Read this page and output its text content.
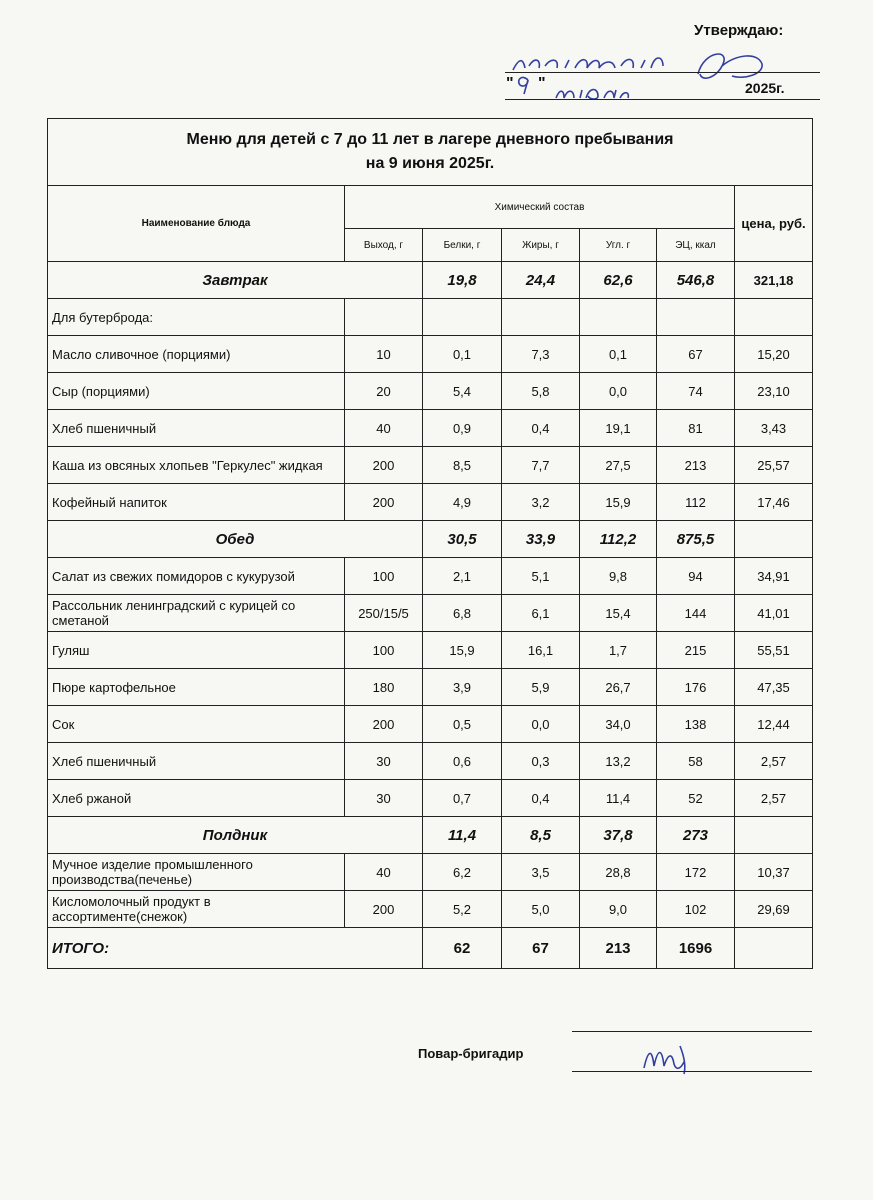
Утверждаю:
" "	2025г.
Меню для детей с 7 до 11 лет в лагере дневного пребывания
на 9 июня 2025г.						

Наименование блюда	Химический состав					цена, руб.
	Выход, г	Белки, г	Жиры, г	Угл. г	ЭЦ, ккал	
Завтрак		19,8	24,4	62,6	546,8	321,18
Для бутерброда:						
Масло сливочное (порциями)	10	0,1	7,3	0,1	67	15,20
Сыр (порциями)	20	5,4	5,8	0,0	74	23,10
Хлеб пшеничный	40	0,9	0,4	19,1	81	3,43
Каша из овсяных хлопьев "Геркулес" жидкая	200	8,5	7,7	27,5	213	25,57
Кофейный напиток	200	4,9	3,2	15,9	112	17,46
Обед		30,5	33,9	112,2	875,5	
Салат из свежих помидоров с кукурузой	100	2,1	5,1	9,8	94	34,91
Рассольник ленинградский с курицей со сметаной	250/15/5	6,8	6,1	15,4	144	41,01
Гуляш	100	15,9	16,1	1,7	215	55,51
Пюре картофельное	180	3,9	5,9	26,7	176	47,35
Сок	200	0,5	0,0	34,0	138	12,44
Хлеб пшеничный	30	0,6	0,3	13,2	58	2,57
Хлеб ржаной	30	0,7	0,4	11,4	52	2,57
Полдник		11,4	8,5	37,8	273	
Мучное изделие промышленного производства(печенье)	40	6,2	3,5	28,8	172	10,37
Кисломолочный продукт в ассортименте(снежок)	200	5,2	5,0	9,0	102	29,69
ИТОГО:		62	67	213	1696	
Повар-бригадир
